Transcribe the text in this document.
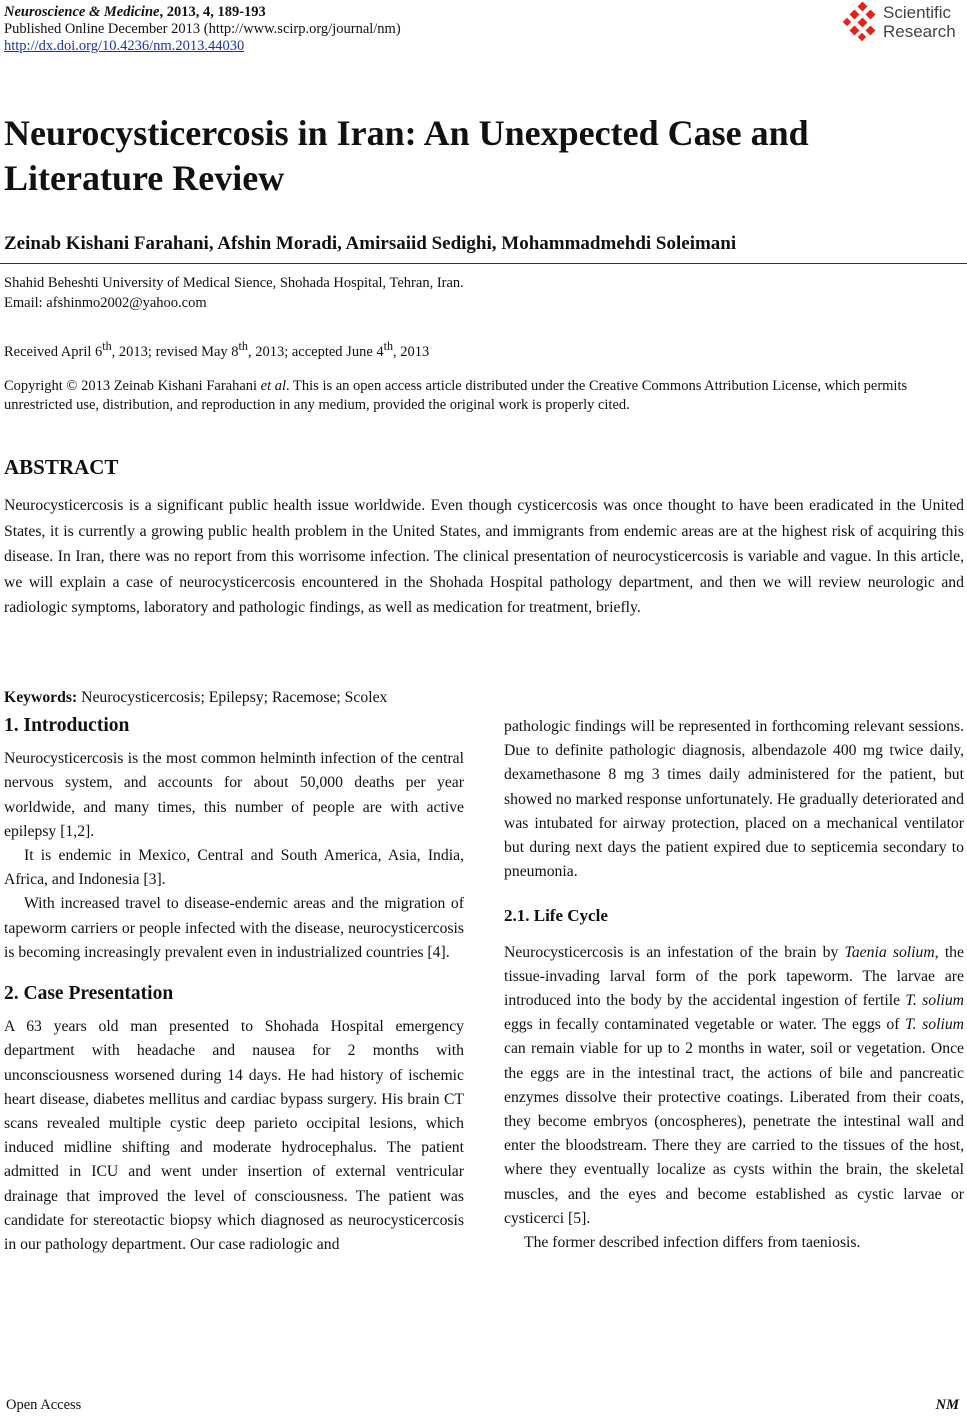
Neuroscience & Medicine, 2013, 4, 189-193
Published Online December 2013 (http://www.scirp.org/journal/nm)
http://dx.doi.org/10.4236/nm.2013.44030
Scientific
Research
Neurocysticercosis in Iran: An Unexpected Case and Literature Review
Zeinab Kishani Farahani, Afshin Moradi, Amirsaiid Sedighi, Mohammadmehdi Soleimani
Shahid Beheshti University of Medical Sience, Shohada Hospital, Tehran, Iran.
Email: afshinmo2002@yahoo.com
Received April 6th, 2013; revised May 8th, 2013; accepted June 4th, 2013
Copyright © 2013 Zeinab Kishani Farahani et al. This is an open access article distributed under the Creative Commons Attribution License, which permits unrestricted use, distribution, and reproduction in any medium, provided the original work is properly cited.
ABSTRACT
Neurocysticercosis is a significant public health issue worldwide. Even though cysticercosis was once thought to have been eradicated in the United States, it is currently a growing public health problem in the United States, and immigrants from endemic areas are at the highest risk of acquiring this disease. In Iran, there was no report from this worrisome infection. The clinical presentation of neurocysticercosis is variable and vague. In this article, we will explain a case of neurocysticercosis encountered in the Shohada Hospital pathology department, and then we will review neurologic and radiologic symptoms, laboratory and pathologic findings, as well as medication for treatment, briefly.
Keywords: Neurocysticercosis; Epilepsy; Racemose; Scolex
1. Introduction

Neurocysticercosis is the most common helminth infection of the central nervous system, and accounts for about 50,000 deaths per year worldwide, and many times, this number of people are with active epilepsy [1,2].

It is endemic in Mexico, Central and South America, Asia, India, Africa, and Indonesia [3].

With increased travel to disease-endemic areas and the migration of tapeworm carriers or people infected with the disease, neurocysticercosis is becoming increasingly prevalent even in industrialized countries [4].

2. Case Presentation

A 63 years old man presented to Shohada Hospital emergency department with headache and nausea for 2 months with unconsciousness worsened during 14 days. He had history of ischemic heart disease, diabetes mellitus and cardiac bypass surgery. His brain CT scans revealed multiple cystic deep parieto occipital lesions, which induced midline shifting and moderate hydrocephalus. The patient admitted in ICU and went under insertion of external ventricular drainage that improved the level of consciousness. The patient was candidate for stereotactic biopsy which diagnosed as neurocysticercosis in our pathology department. Our case radiologic and

pathologic findings will be represented in forthcoming relevant sessions. Due to definite pathologic diagnosis, albendazole 400 mg twice daily, dexamethasone 8 mg 3 times daily administered for the patient, but showed no marked response unfortunately. He gradually deteriorated and was intubated for airway protection, placed on a mechanical ventilator but during next days the patient expired due to septicemia secondary to pneumonia.

2.1. Life Cycle

Neurocysticercosis is an infestation of the brain by Taenia solium, the tissue-invading larval form of the pork tapeworm. The larvae are introduced into the body by the accidental ingestion of fertile T. solium eggs in fecally contaminated vegetable or water. The eggs of T. solium can remain viable for up to 2 months in water, soil or vegetation. Once the eggs are in the intestinal tract, the actions of bile and pancreatic enzymes dissolve their protective coatings. Liberated from their coats, they become embryos (oncospheres), penetrate the intestinal wall and enter the bloodstream. There they are carried to the tissues of the host, where they eventually localize as cysts within the brain, the skeletal muscles, and the eyes and become established as cystic larvae or cysticerci [5].

The former described infection differs from taeniosis.

Open Access	NM
